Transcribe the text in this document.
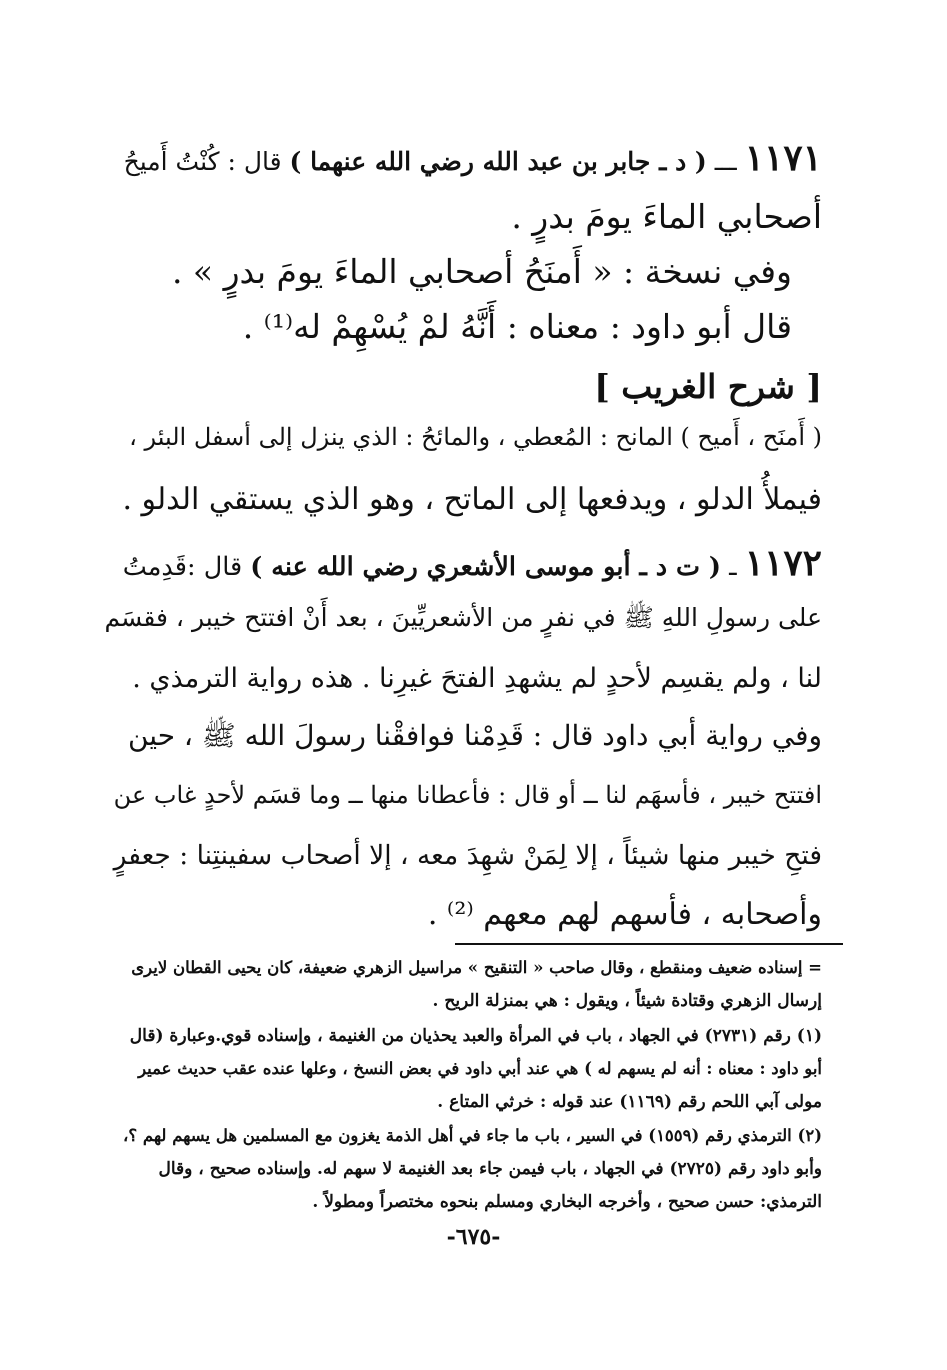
١١٧١ ـــ ( د ـ جابر بن عبد الله رضي الله عنهما ) قال : كُنْتُ أَميحُ
أصحابي الماءَ يومَ بدرٍ .
وفي نسخة : « أَمنَحُ أصحابي الماءَ يومَ بدرٍ » .
قال أبو داود : معناه : أَنَّهُ لمْ يُسْهِمْ له⁽¹⁾ .
[ شرح الغريب ]
( أَمنَح ، أَميح ) المانح : المُعطي ، والمائحُ : الذي ينزل إلى أسفل البئر ،
فيملأُ الدلو ، ويدفعها إلى الماتح ، وهو الذي يستقي الدلو .
١١٧٢ ـ ( ت د ـ أبو موسى الأشعري رضي الله عنه ) قال :قَدِمتُ
على رسولِ اللهِ ﷺ في نفرٍ من الأشعريِّينَ ، بعد أَنْ افتتح خيبر ، فقسَم
لنا ، ولم يقسِم لأحدٍ لم يشهدِ الفتحَ غيرِنا . هذه رواية الترمذي .
وفي رواية أبي داود قال : قَدِمْنا فوافقْنا رسولَ الله ﷺ ، حين
افتتح خيبر ، فأسهَم لنا ــ أو قال : فأعطانا منها ــ وما قسَم لأحدٍ غاب عن
فتحِ خيبر منها شيئاً ، إلا لِمَنْ شهِدَ معه ، إلا أصحاب سفينتِنا : جعفرٍ
وأصحابه ، فأسهم لهم معهم ⁽²⁾ .
= إسناده ضعيف ومنقطع ، وقال صاحب « التنقيح » مراسيل الزهري ضعيفة، كان يحيى القطان لايرى
إرسال الزهري وقتادة شيئاً ، ويقول : هي بمنزلة الريح .
(١) رقم (٢٧٣١) في الجهاد ، باب في المرأة والعبد يحذيان من الغنيمة ، وإسناده قوي.وعبارة (قال
أبو داود : معناه : أنه لم يسهم له ) هي عند أبي داود في بعض النسخ ، وعلها عنده عقب حديث عمير
مولى آبي اللحم رقم (١١٦٩) عند قوله : خرثي المتاع .
(٢) الترمذي رقم (١٥٥٩) في السير ، باب ما جاء في أهل الذمة يغزون مع المسلمين هل يسهم لهم ؟،
وأبو داود رقم (٢٧٢٥) في الجهاد ، باب فيمن جاء بعد الغنيمة لا سهم له. وإسناده صحيح ، وقال
الترمذي: حسن صحيح ، وأخرجه البخاري ومسلم بنحوه مختصراً ومطولاً .
-٦٧٥-
